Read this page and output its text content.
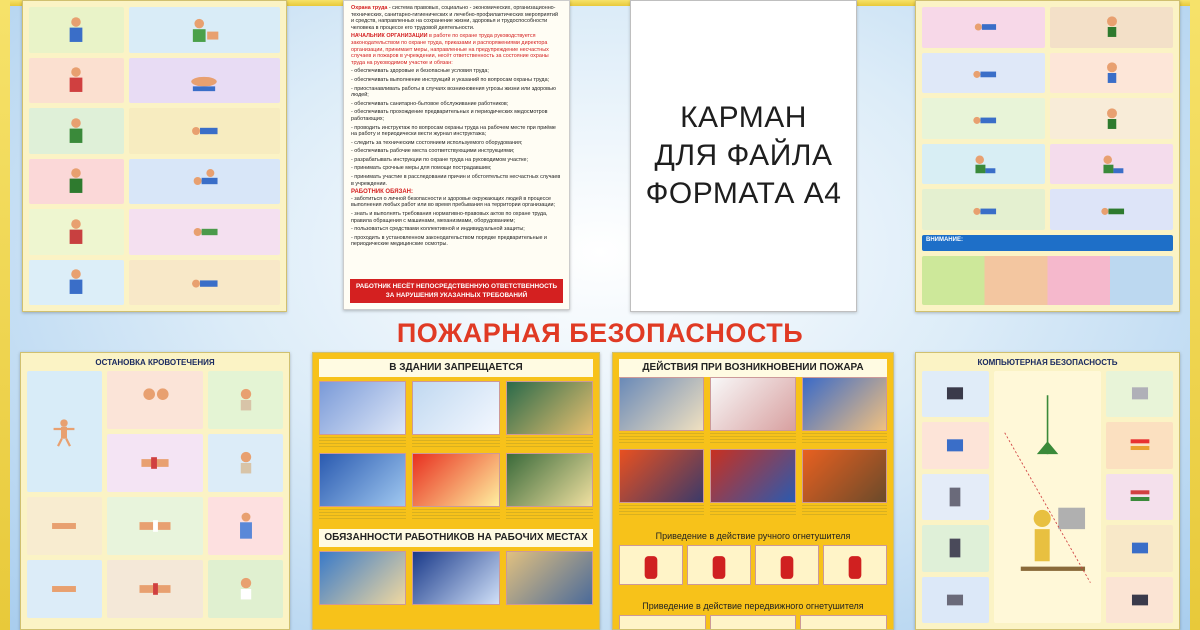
Охрана труда - система правовых, социально - экономических, организационно-технических, санитарно-гигиенических и лечебно-профилактических мероприятий и средств, направленных на сохранение жизни, здоровья и трудоспособности человека в процессе его трудовой деятельности.

НАЧАЛЬНИК ОРГАНИЗАЦИИ в работе по охране труда руководствуется законодательством по охране труда, приказами и распоряжениями директора организации, принимает меры, направленные на предупреждение несчастных случаев и пожаров в учреждении, несёт ответственность за состояние охраны труда на руководимом участке и обязан:

- обеспечивать здоровые и безопасные условия труда;

- обеспечивать выполнение инструкций и указаний по вопросам охраны труда;

- приостанавливать работы в случаях возникновения угрозы жизни или здоровью людей;

- обеспечивать санитарно-бытовое обслуживание работников;

- обеспечивать прохождение предварительных и периодических медосмотров работающих;

- проводить инструктаж по вопросам охраны труда на рабочем месте при приёме на работу и периодически вести журнал инструктажа;

- следить за техническим состоянием используемого оборудования;

- обеспечивать рабочие места соответствующими инструкциями;

- разрабатывать инструкции по охране труда на руководимом участке;

- принимать срочные меры для помощи пострадавшим;

- принимать участие в расследовании причин и обстоятельств несчастных случаев в учреждении.

РАБОТНИК ОБЯЗАН:

- заботиться о личной безопасности и здоровье окружающих людей в процессе выполнения любых работ или во время пребывания на территории организации;

- знать и выполнять требования нормативно-правовых актов по охране труда, правила обращения с машинами, механизмами, оборудованием;

- пользоваться средствами коллективной и индивидуальной защиты;

- проходить в установленном законодательством порядке предварительные и периодические медицинские осмотры.

РАБОТНИК НЕСЁТ НЕПОСРЕДСТВЕННУЮ ОТВЕТСТВЕННОСТЬ
ЗА НАРУШЕНИЯ УКАЗАННЫХ ТРЕБОВАНИЙ
КАРМАН
ДЛЯ ФАЙЛА
ФОРМАТА А4
ВНИМАНИЕ:
ПОЖАРНАЯ БЕЗОПАСНОСТЬ
ОСТАНОВКА КРОВОТЕЧЕНИЯ	В ЗДАНИИ ЗАПРЕЩАЕТСЯ
ОБЯЗАННОСТИ РАБОТНИКОВ НА РАБОЧИХ МЕСТАХ
ДЕЙСТВИЯ ПРИ ВОЗНИКНОВЕНИИ ПОЖАРА
Приведение в действие ручного огнетушителя
Приведение в действие передвижного огнетушителя
КОМПЬЮТЕРНАЯ БЕЗОПАСНОСТЬ
